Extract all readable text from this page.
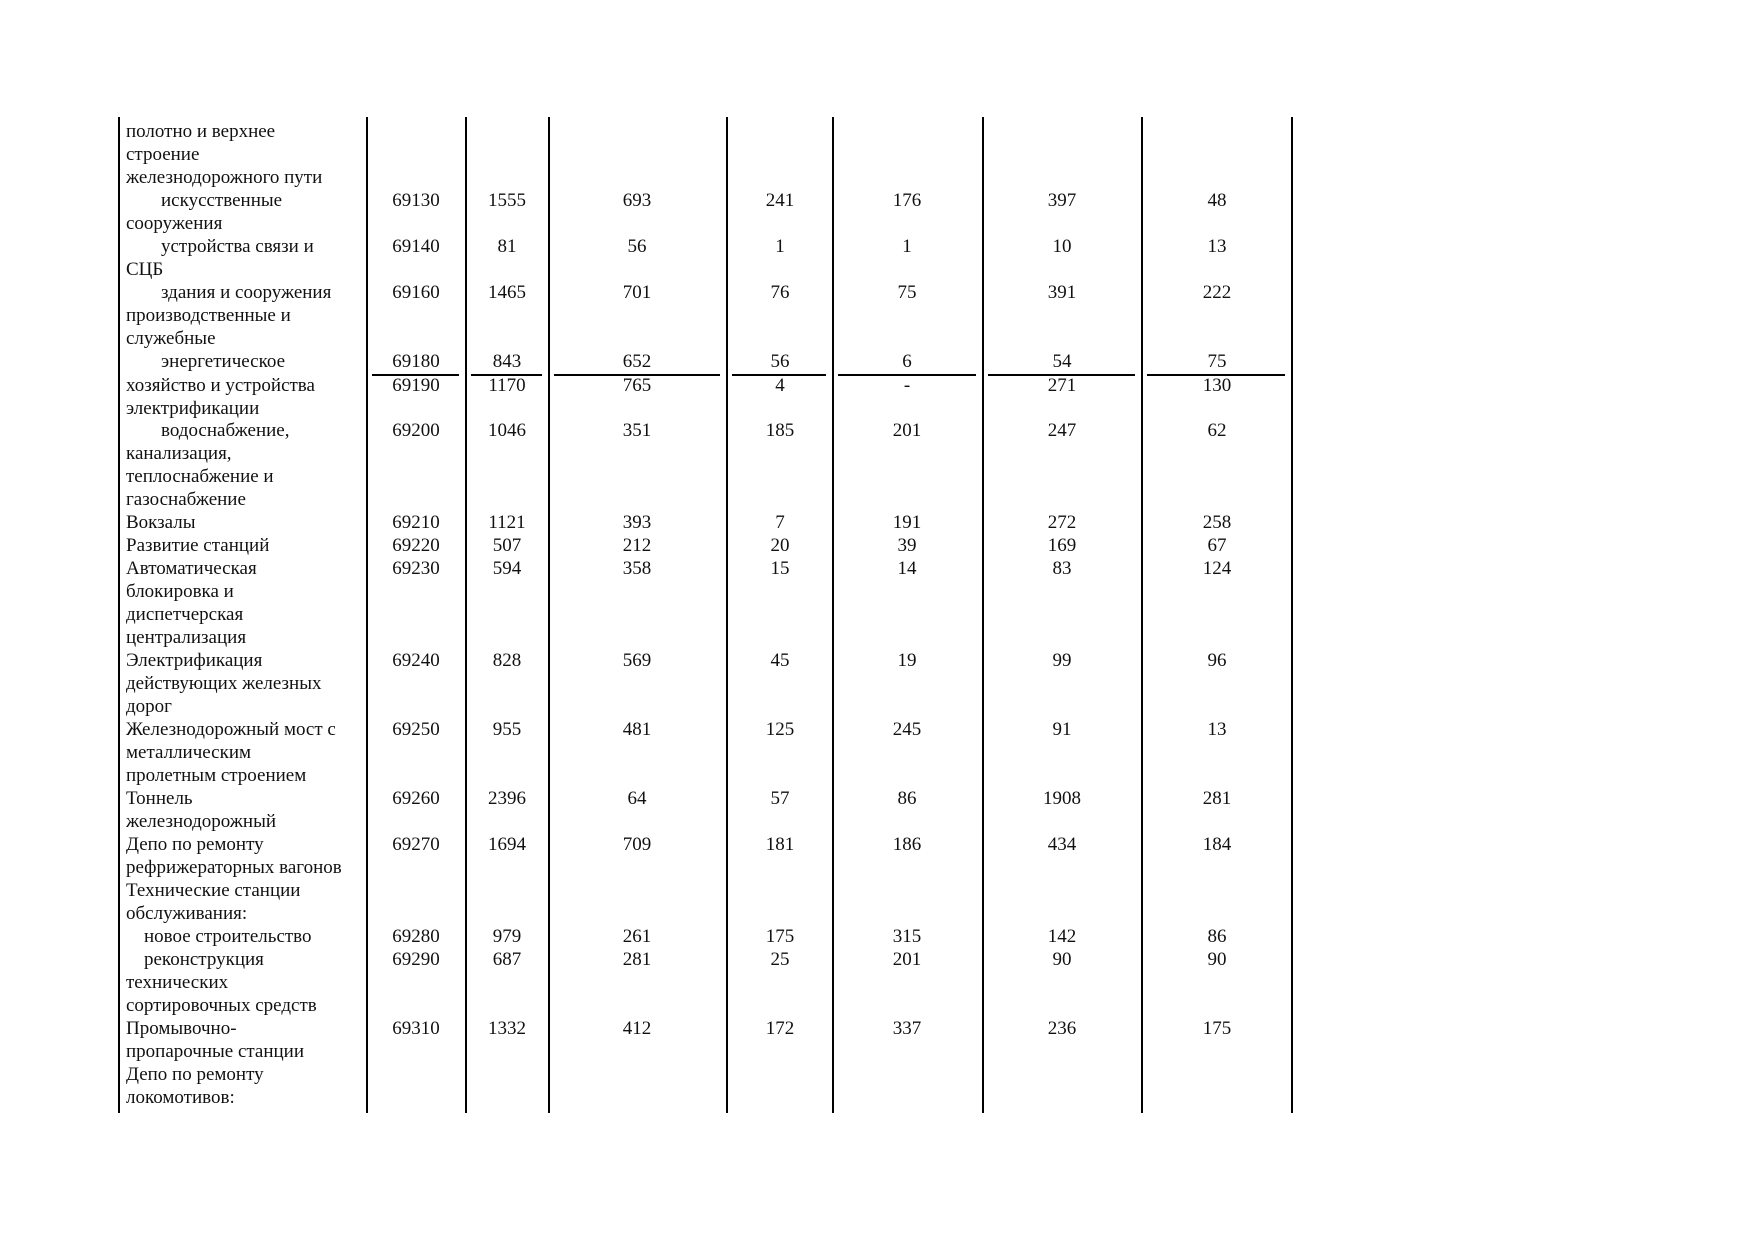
полотно и верхнее
строение
железнодорожного пути
искусственные
сооружения
69130	1555	693	241	176	397	48
устройства связи и
СЦБ
69140	81	56	1	1	10	13
здания и сооружения
производственные и
служебные
69160	1465	701	76	75	391	222
энергетическое	69180	843	652	56	6	54	75
хозяйство и устройства
электрификации
69190	1170	765	4	-	271	130
водоснабжение,
канализация,
теплоснабжение и
газоснабжение
69200	1046	351	185	201	247	62
Вокзалы	69210	1121	393	7	191	272	258
Развитие станций	69220	507	212	20	39	169	67
Автоматическая
блокировка и
диспетчерская
централизация
69230	594	358	15	14	83	124
Электрификация
действующих железных
дорог
69240	828	569	45	19	99	96
Железнодорожный мост с
металлическим
пролетным строением
69250	955	481	125	245	91	13
Тоннель
железнодорожный
69260	2396	64	57	86	1908	281
Депо по ремонту
рефрижераторных вагонов
69270	1694	709	181	186	434	184
Технические станции
обслуживания:
новое строительство	69280	979	261	175	315	142	86
реконструкция
технических
сортировочных средств
69290	687	281	25	201	90	90
Промывочно-
пропарочные станции
69310	1332	412	172	337	236	175
Депо по ремонту
локомотивов:
